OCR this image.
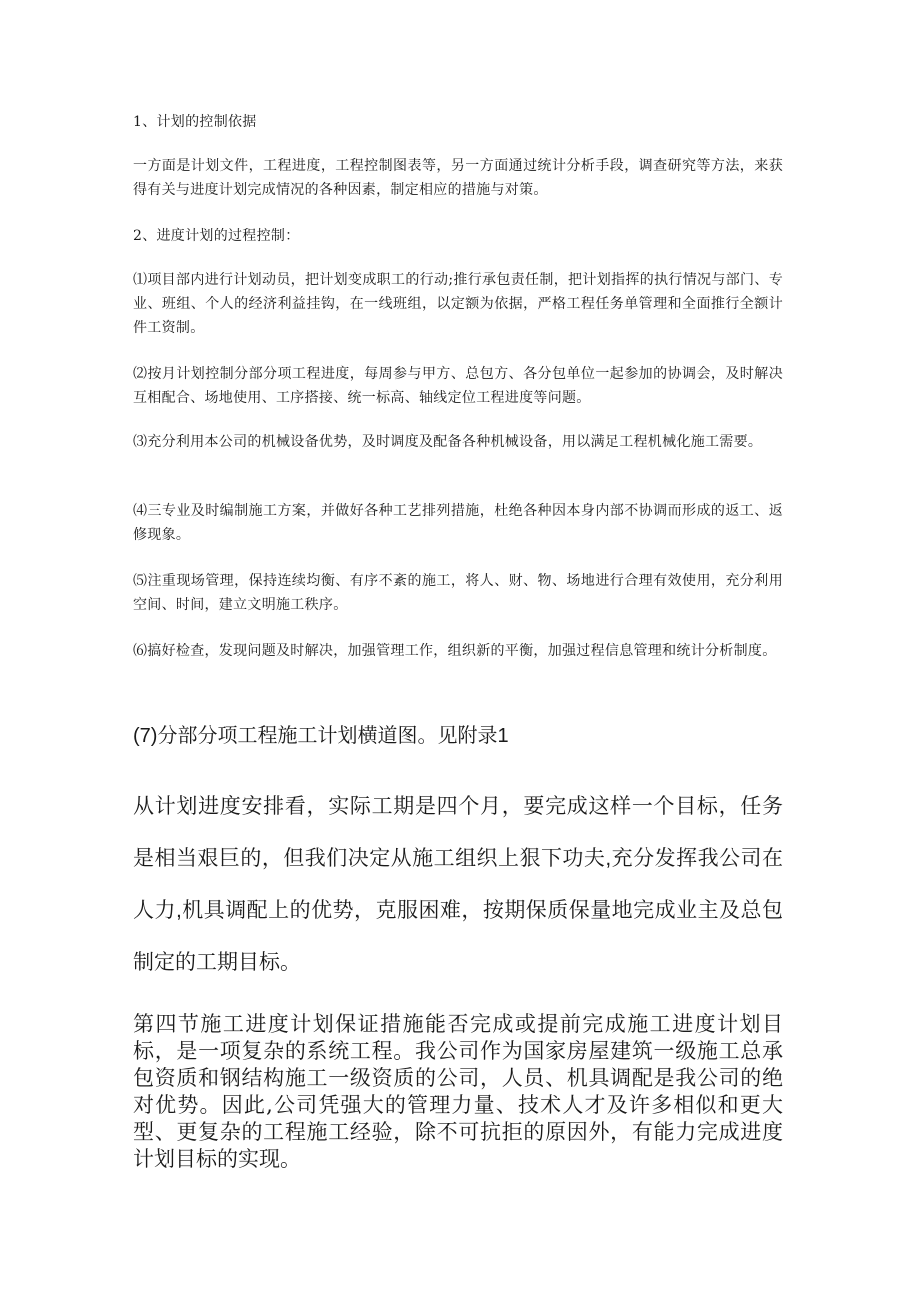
1、计划的控制依据

一方面是计划文件，工程进度，工程控制图表等，另一方面通过统计分析手段，调查研究等方法，来获得有关与进度计划完成情况的各种因素，制定相应的措施与对策。

2、进度计划的过程控制：

⑴项目部内进行计划动员，把计划变成职工的行动;推行承包责任制，把计划指挥的执行情况与部门、专业、班组、个人的经济利益挂钩，在一线班组，以定额为依据，严格工程任务单管理和全面推行全额计件工资制。

⑵按月计划控制分部分项工程进度，每周参与甲方、总包方、各分包单位一起参加的协调会，及时解决互相配合、场地使用、工序搭接、统一标高、轴线定位工程进度等问题。

⑶充分利用本公司的机械设备优势，及时调度及配备各种机械设备，用以满足工程机械化施工需要。

⑷三专业及时编制施工方案，并做好各种工艺排列措施，杜绝各种因本身内部不协调而形成的返工、返修现象。

⑸注重现场管理，保持连续均衡、有序不紊的施工，将人、财、物、场地进行合理有效使用，充分利用空间、时间，建立文明施工秩序。

⑹搞好检查，发现问题及时解决，加强管理工作，组织新的平衡，加强过程信息管理和统计分析制度。

(7)分部分项工程施工计划横道图。见附录1

从计划进度安排看，实际工期是四个月，要完成这样一个目标，任务是相当艰巨的，但我们决定从施工组织上狠下功夫,充分发挥我公司在人力,机具调配上的优势，克服困难，按期保质保量地完成业主及总包制定的工期目标。

第四节施工进度计划保证措施能否完成或提前完成施工进度计划目标，是一项复杂的系统工程。我公司作为国家房屋建筑一级施工总承包资质和钢结构施工一级资质的公司，人员、机具调配是我公司的绝对优势。因此,公司凭强大的管理力量、技术人才及许多相似和更大型、更复杂的工程施工经验，除不可抗拒的原因外，有能力完成进度计划目标的实现。
